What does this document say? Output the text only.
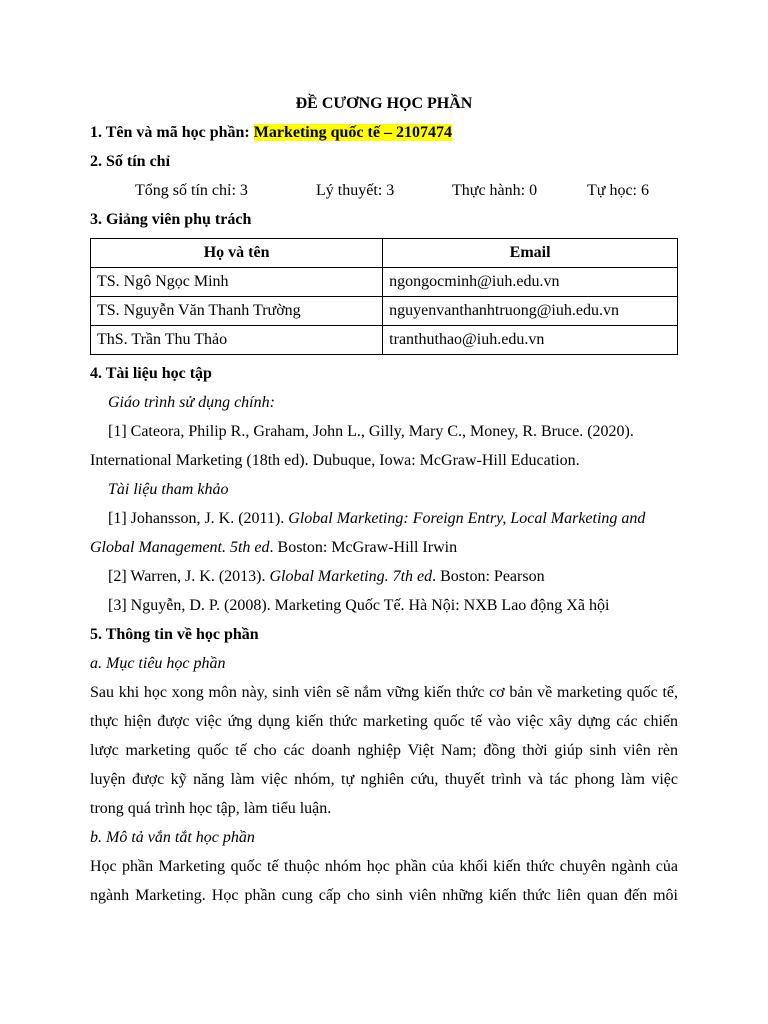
ĐỀ CƯƠNG HỌC PHẦN
1. Tên và mã học phần: Marketing quốc tế – 2107474
2. Số tín chỉ
Tổng số tín chỉ: 3	Lý thuyết: 3	Thực hành: 0	Tự học: 6
3. Giảng viên phụ trách
Họ và tên	Email
TS. Ngô Ngọc Minh	ngongocminh@iuh.edu.vn
TS. Nguyễn Văn Thanh Trường	nguyenvanthanhtruong@iuh.edu.vn
ThS. Trần Thu Thảo	tranthuthao@iuh.edu.vn
4. Tài liệu học tập
Giáo trình sử dụng chính:
[1] Cateora, Philip R., Graham, John L., Gilly, Mary C., Money, R. Bruce. (2020).
International Marketing (18th ed). Dubuque, Iowa: McGraw-Hill Education.
Tài liệu tham khảo
[1] Johansson, J. K. (2011). Global Marketing: Foreign Entry, Local Marketing and
Global Management. 5th ed. Boston: McGraw-Hill Irwin
[2] Warren, J. K. (2013). Global Marketing. 7th ed. Boston: Pearson
[3] Nguyễn, D. P. (2008). Marketing Quốc Tế. Hà Nội: NXB Lao động Xã hội
5. Thông tin về học phần
a. Mục tiêu học phần
Sau khi học xong môn này, sinh viên sẽ nắm vững kiến thức cơ bản về marketing quốc tế,
thực hiện được việc ứng dụng kiến thức marketing quốc tế vào việc xây dựng các chiến
lược marketing quốc tế cho các doanh nghiệp Việt Nam; đồng thời giúp sinh viên rèn
luyện được kỹ năng làm việc nhóm, tự nghiên cứu, thuyết trình và tác phong làm việc
trong quá trình học tập, làm tiểu luận.
b. Mô tả vắn tắt học phần
Học phần Marketing quốc tế thuộc nhóm học phần của khối kiến thức chuyên ngành của
ngành Marketing. Học phần cung cấp cho sinh viên những kiến thức liên quan đến môi
